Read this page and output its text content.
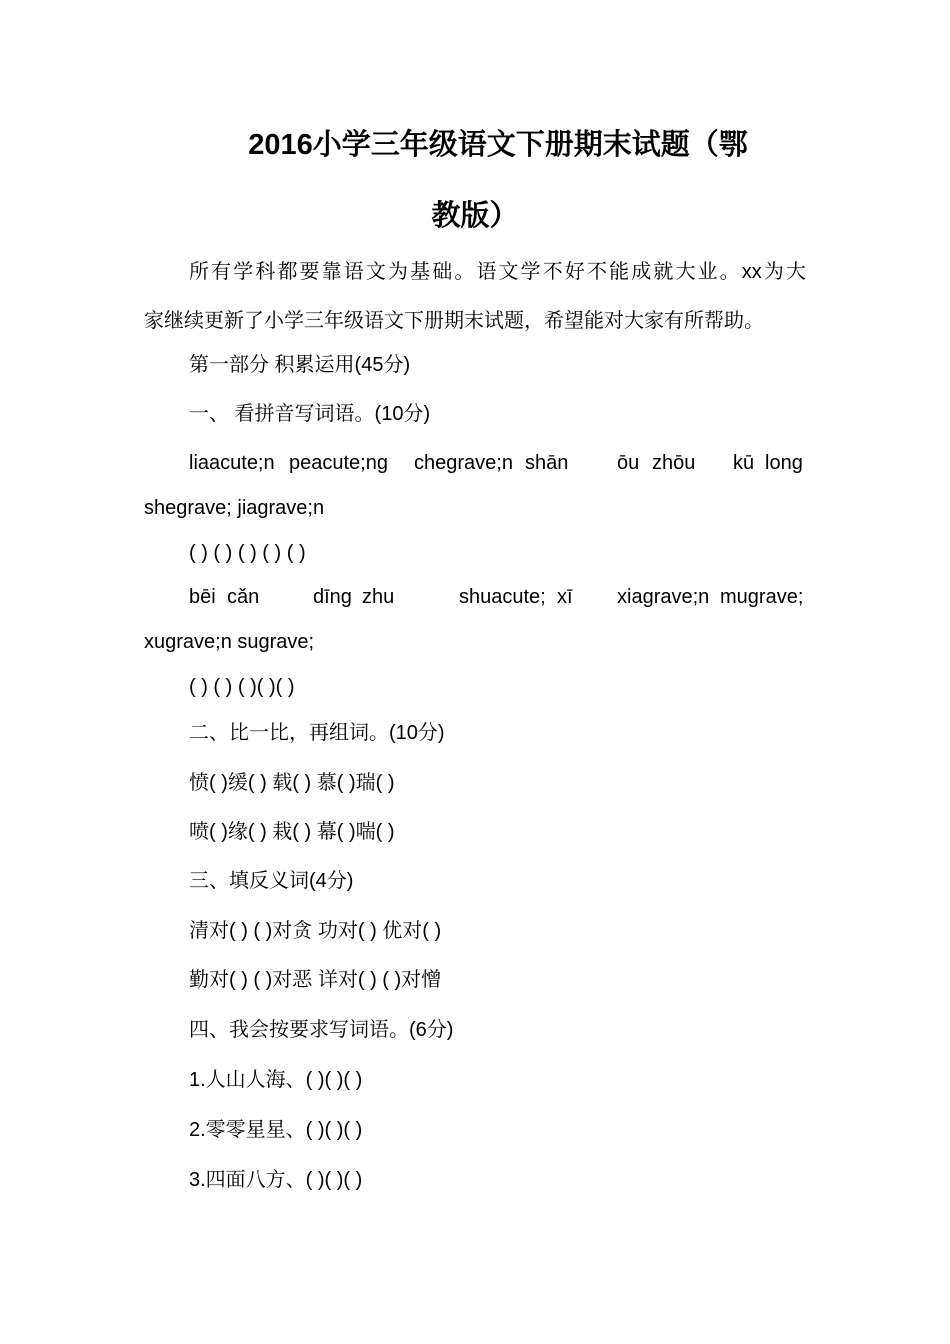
2016小学三年级语文下册期末试题（鄂
教版）
所有学科都要靠语文为基础。语文学不好不能成就大业。xx为大
家继续更新了小学三年级语文下册期末试题，希望能对大家有所帮助。
第一部分 积累运用(45分)
一、 看拼音写词语。(10分)
liaacute;n peacute;ng chegrave;n shān ōu zhōu kū long
shegrave; jiagrave;n
( ) ( ) ( ) ( ) ( )
bēi cǎn	dīng zhu	shuacute; xī xiagrave;n mugrave;
xugrave;n sugrave;
( ) ( ) ( )( )( )
二、比一比，再组词。(10分)
愤( )缓( ) 载( ) 慕( )瑞( )
喷( )缘( ) 栽( ) 幕( )喘( )
三、填反义词(4分)
清对( ) ( )对贪 功对( ) 优对( )
勤对( ) ( )对恶 详对( ) ( )对憎
四、我会按要求写词语。(6分)
1.人山人海、( )( )( )
2.零零星星、( )( )( )
3.四面八方、( )( )( )
